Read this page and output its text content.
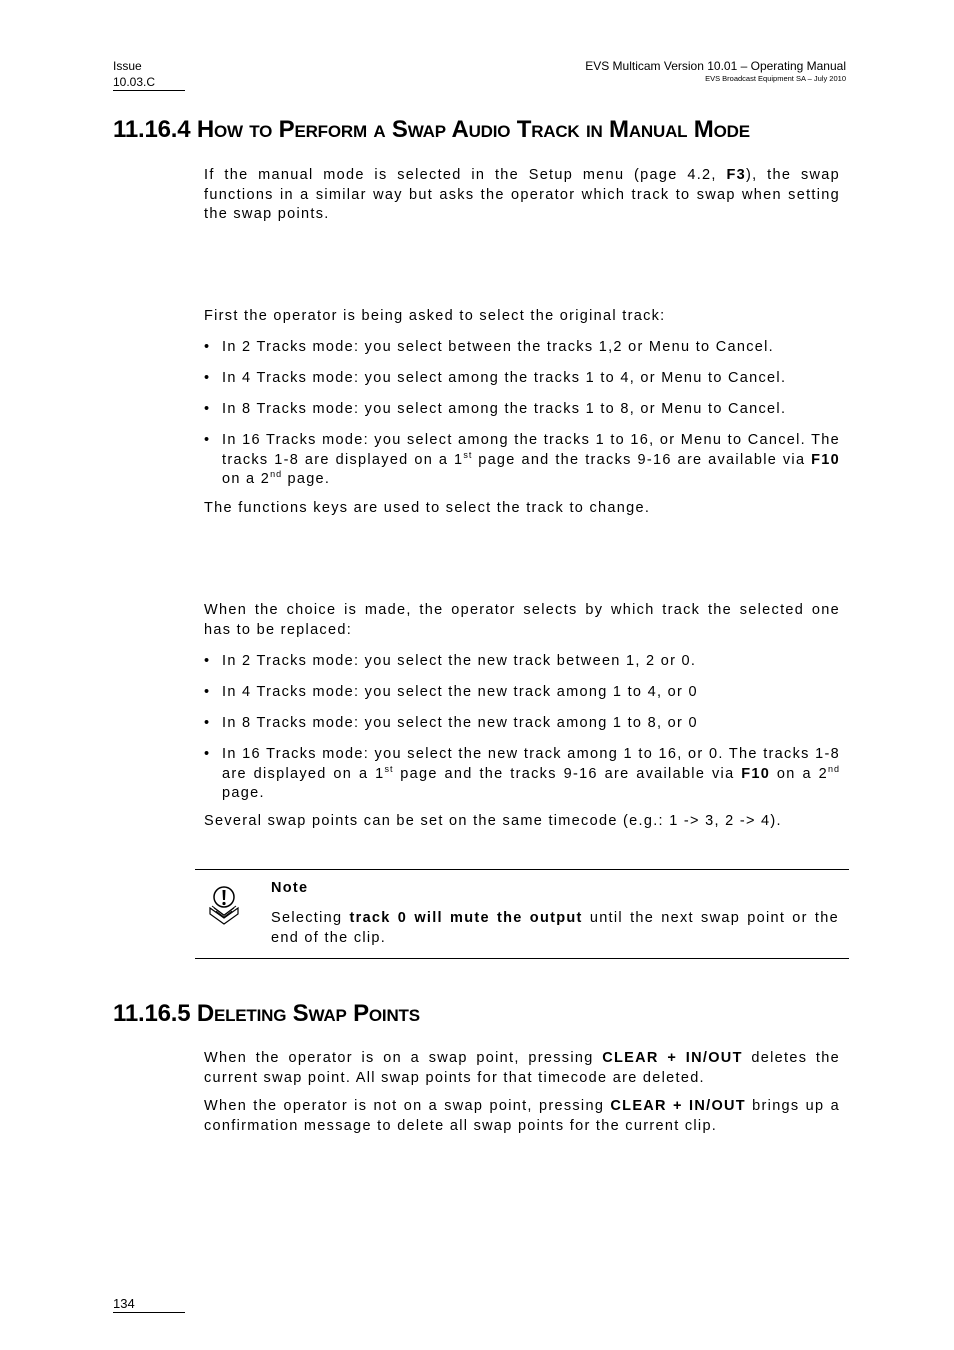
Issue
10.03.C
EVS Multicam Version 10.01 – Operating Manual
EVS Broadcast Equipment SA – July 2010
11.16.4 How to Perform a Swap Audio Track in Manual Mode

If the manual mode is selected in the Setup menu (page 4.2, F3), the swap functions in a similar way but asks the operator which track to swap when setting the swap points.

First the operator is being asked to select the original track:

• In 2 Tracks mode: you select between the tracks 1,2 or Menu to Cancel.
• In 4 Tracks mode: you select among the tracks 1 to 4, or Menu to Cancel.
• In 8 Tracks mode: you select among the tracks 1 to 8, or Menu to Cancel.
• In 16 Tracks mode: you select among the tracks 1 to 16, or Menu to Cancel. The tracks 1-8 are displayed on a 1st page and the tracks 9-16 are available via F10 on a 2nd page.

The functions keys are used to select the track to change.

When the choice is made, the operator selects by which track the selected one has to be replaced:

• In 2 Tracks mode: you select the new track between 1, 2 or 0.
• In 4 Tracks mode: you select the new track among 1 to 4, or 0
• In 8 Tracks mode: you select the new track among 1 to 8, or 0
• In 16 Tracks mode: you select the new track among 1 to 16, or 0. The tracks 1-8 are displayed on a 1st page and the tracks 9-16 are available via F10 on a 2nd page.

Several swap points can be set on the same timecode (e.g.: 1 -> 3, 2 -> 4).

Note
Selecting track 0 will mute the output until the next swap point or the end of the clip.
11.16.5 Deleting Swap Points

When the operator is on a swap point, pressing CLEAR + IN/OUT deletes the current swap point. All swap points for that timecode are deleted.

When the operator is not on a swap point, pressing CLEAR + IN/OUT brings up a confirmation message to delete all swap points for the current clip.

134
